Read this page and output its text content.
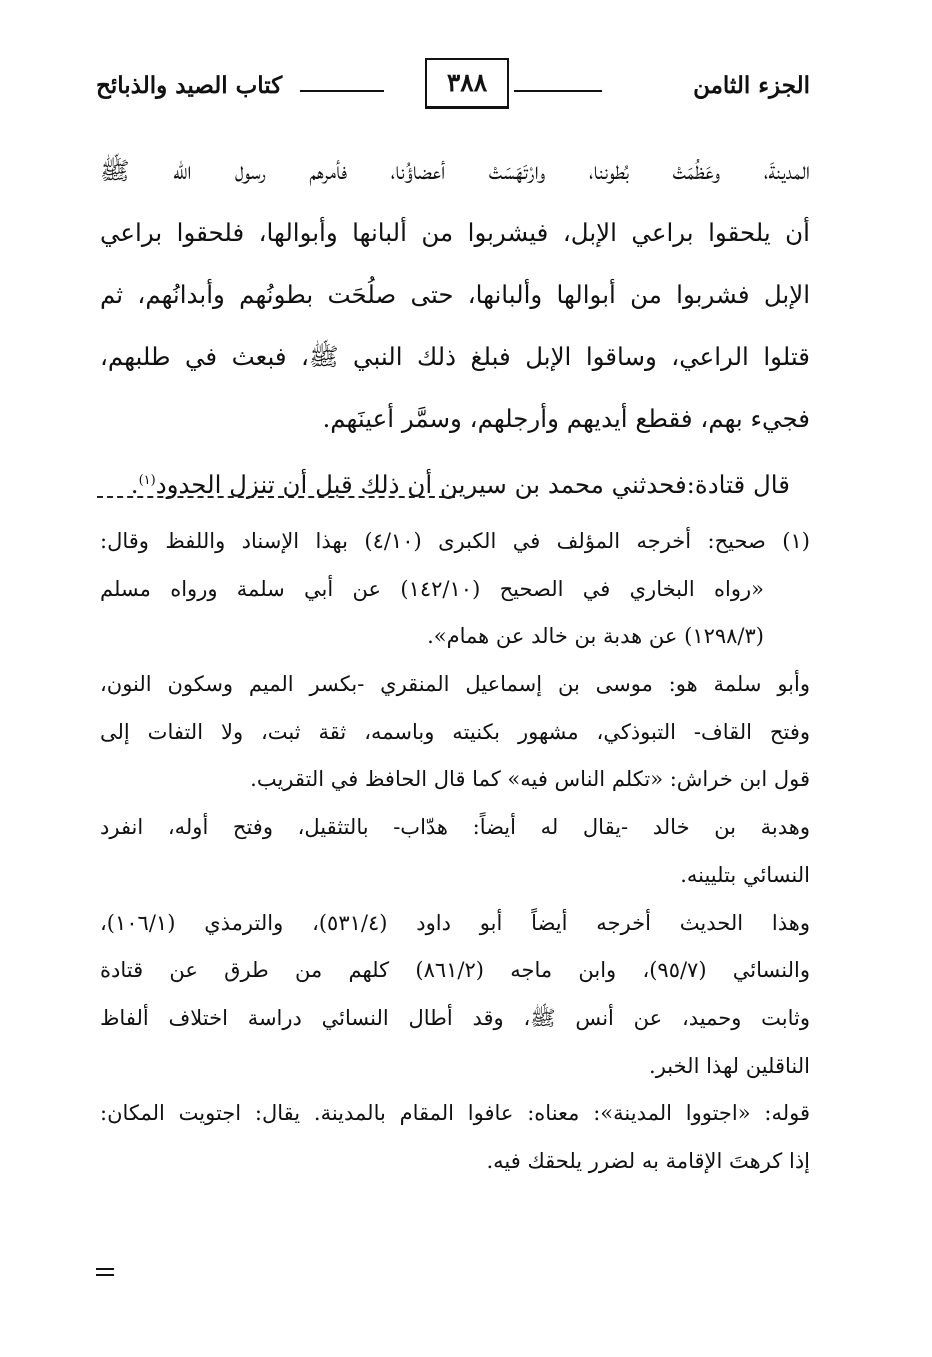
الجزء الثامن
٣٨٨
كتاب الصيد والذبائح
المدينةَ، وعَظُمَتْ بُطوننا، وارْتَهَسَتْ أعضاؤُنا، فأمرهم رسول الله ﷺ
أن يلحقوا براعي الإبل، فيشربوا من ألبانها وأبوالها، فلحقوا براعي
الإبل فشربوا من أبوالها وألبانها، حتى صلُحَت بطونُهم وأبدانُهم، ثم
قتلوا الراعي، وساقوا الإبل فبلغ ذلك النبي ﷺ، فبعث في طلبهم،
فجيء بهم، فقطع أيديهم وأرجلهم، وسمَّر أعينَهم.
قال قتادة:فحدثني محمد بن سيرين أن ذلك قبل أن تنزل الحدود$^{(١)}$.
(١) صحيح: أخرجه المؤلف في الكبرى (٤/١٠) بهذا الإسناد واللفظ وقال:
«رواه البخاري في الصحيح (١٤٢/١٠) عن أبي سلمة ورواه مسلم
(١٢٩٨/٣) عن هدبة بن خالد عن همام».
وأبو سلمة هو: موسى بن إسماعيل المنقري -بكسر الميم وسكون النون،
وفتح القاف- التبوذكي، مشهور بكنيته وباسمه، ثقة ثبت، ولا التفات إلى
قول ابن خراش: «تكلم الناس فيه» كما قال الحافظ في التقريب.
وهدبة بن خالد -يقال له أيضاً: هدّاب- بالتثقيل، وفتح أوله، انفرد
النسائي بتليينه.
وهذا الحديث أخرجه أيضاً أبو داود (٥٣١/٤)، والترمذي (١٠٦/١)،
والنسائي (٩٥/٧)، وابن ماجه (٨٦١/٢) كلهم من طرق عن قتادة
وثابت وحميد، عن أنس ﷺ، وقد أطال النسائي دراسة اختلاف ألفاظ
الناقلين لهذا الخبر.
قوله: «اجتووا المدينة»: معناه: عافوا المقام بالمدينة. يقال: اجتويت المكان:
إذا كرهتَ الإقامة به لضرر يلحقك فيه.
